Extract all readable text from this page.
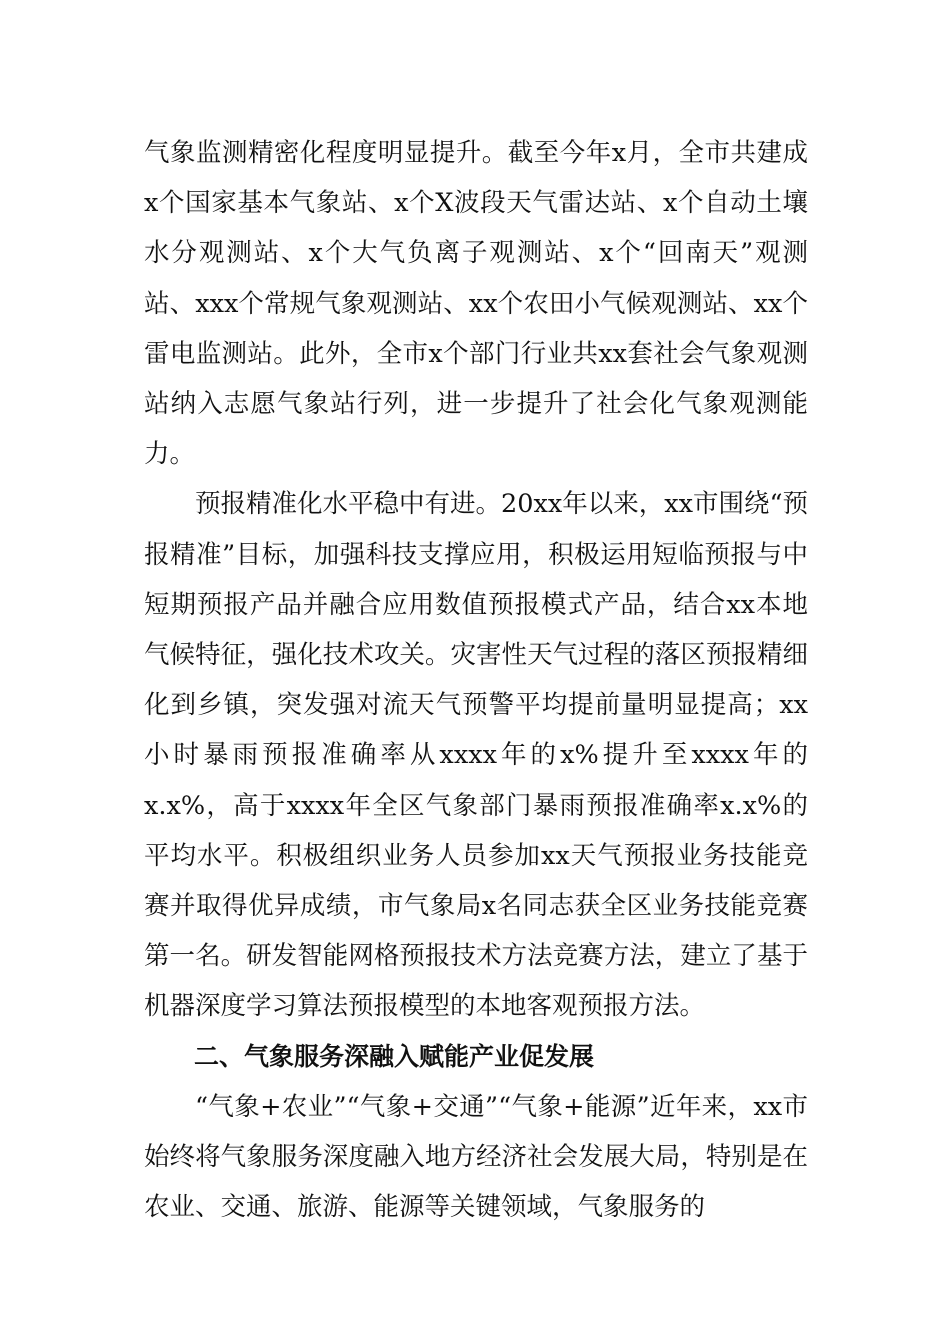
气象监测精密化程度明显提升。截至今年x月，全市共建成x个国家基本气象站、x个X波段天气雷达站、x个自动土壤水分观测站、x个大气负离子观测站、x个“回南天”观测站、xxx个常规气象观测站、xx个农田小气候观测站、xx个雷电监测站。此外，全市x个部门行业共xx套社会气象观测站纳入志愿气象站行列，进一步提升了社会化气象观测能力。

预报精准化水平稳中有进。20xx年以来，xx市围绕“预报精准”目标，加强科技支撑应用，积极运用短临预报与中短期预报产品并融合应用数值预报模式产品，结合xx本地气候特征，强化技术攻关。灾害性天气过程的落区预报精细化到乡镇，突发强对流天气预警平均提前量明显提高；xx小时暴雨预报准确率从xxxx年的x%提升至xxxx年的x.x%，高于xxxx年全区气象部门暴雨预报准确率x.x%的平均水平。积极组织业务人员参加xx天气预报业务技能竞赛并取得优异成绩，市气象局x名同志获全区业务技能竞赛第一名。研发智能网格预报技术方法竞赛方法，建立了基于机器深度学习算法预报模型的本地客观预报方法。

二、气象服务深融入赋能产业促发展

“气象+农业”“气象+交通”“气象+能源”近年来，xx市始终将气象服务深度融入地方经济社会发展大局，特别是在农业、交通、旅游、能源等关键领域，气象服务的
